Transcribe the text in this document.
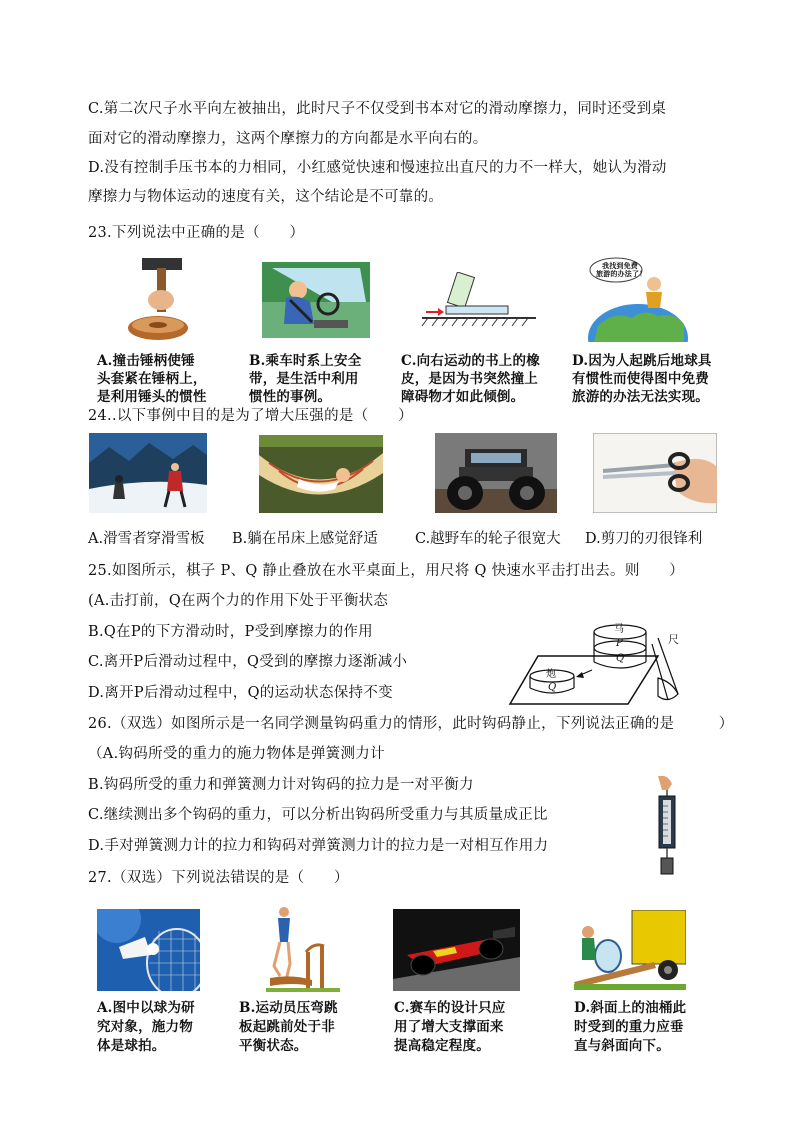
C.第二次尺子水平向左被抽出，此时尺子不仅受到书本对它的滑动摩擦力，同时还受到桌
面对它的滑动摩擦力，这两个摩擦力的方向都是水平向右的。
D.没有控制手压书本的力相同，小红感觉快速和慢速拉出直尺的力不一样大，她认为滑动
摩擦力与物体运动的速度有关，这个结论是不可靠的。
23.下列说法中正确的是（　　）
我找到免费
旅游的办法了！
A.撞击锤柄使锤
头套紧在锤柄上，
是利用锤头的惯性
B.乘车时系上安全
带，是生活中利用
惯性的事例。
C.向右运动的书上的橡
皮，是因为书突然撞上
障碍物才如此倾倒。
D.因为人起跳后地球具
有惯性而使得图中免费
旅游的办法无法实现。
24..以下事例中目的是为了增大压强的是（　　）
A.滑雪者穿滑雪板 B.躺在吊床上感觉舒适	C.越野车的轮子很宽大 D.剪刀的刃很锋利
25.如图所示，棋子 P、Q 静止叠放在水平桌面上，用尺将 Q 快速水平击打出去。则　　）
(A.击打前，Q在两个力的作用下处于平衡状态
B.Q在P的下方滑动时，P受到摩擦力的作用
C.离开P后滑动过程中，Q受到的摩擦力逐渐减小
D.离开P后滑动过程中，Q的运动状态保持不变
马
P
Q
炮
Q
尺
26.（双选）如图所示是一名同学测量钩码重力的情形，此时钩码静止，下列说法正确的是　　　）
（A.钩码所受的重力的施力物体是弹簧测力计
B.钩码所受的重力和弹簧测力计对钩码的拉力是一对平衡力
C.继续测出多个钩码的重力，可以分析出钩码所受重力与其质量成正比
D.手对弹簧测力计的拉力和钩码对弹簧测力计的拉力是一对相互作用力
27.（双选）下列说法错误的是（　　）
A.图中以球为研
究对象，施力物
体是球拍。
B.运动员压弯跳
板起跳前处于非
平衡状态。
C.赛车的设计只应
用了增大支撑面来
提高稳定程度。
D.斜面上的油桶此
时受到的重力应垂
直与斜面向下。
